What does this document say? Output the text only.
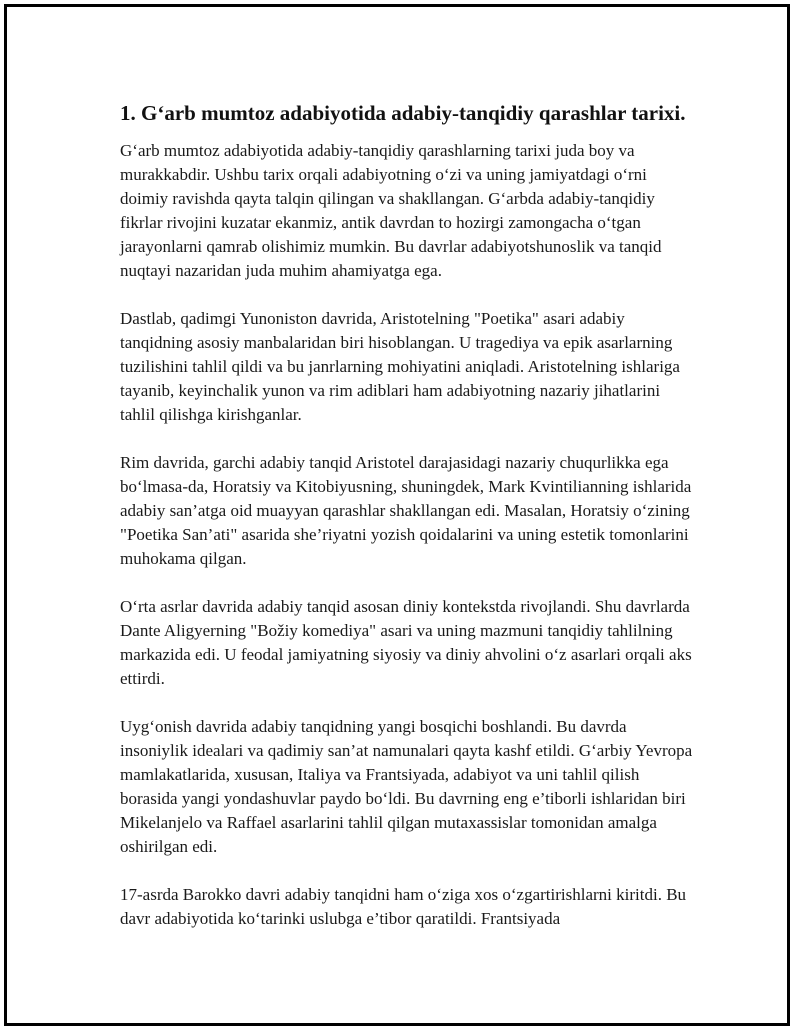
1. G‘arb mumtoz adabiyotida adabiy-tanqidiy qarashlar tarixi.

G‘arb mumtoz adabiyotida adabiy-tanqidiy qarashlarning tarixi juda boy va murakkabdir. Ushbu tarix orqali adabiyotning o‘zi va uning jamiyatdagi o‘rni doimiy ravishda qayta talqin qilingan va shakllangan. G‘arbda adabiy-tanqidiy fikrlar rivojini kuzatar ekanmiz, antik davrdan to hozirgi zamongacha o‘tgan jarayonlarni qamrab olishimiz mumkin. Bu davrlar adabiyotshunoslik va tanqid nuqtayi nazaridan juda muhim ahamiyatga ega.

Dastlab, qadimgi Yunoniston davrida, Aristotelning "Poetika" asari adabiy tanqidning asosiy manbalaridan biri hisoblangan. U tragediya va epik asarlarning tuzilishini tahlil qildi va bu janrlarning mohiyatini aniqladi. Aristotelning ishlariga tayanib, keyinchalik yunon va rim adiblari ham adabiyotning nazariy jihatlarini tahlil qilishga kirishganlar.

Rim davrida, garchi adabiy tanqid Aristotel darajasidagi nazariy chuqurlikka ega bo‘lmasa-da, Horatsiy va Kitobiyusning, shuningdek, Mark Kvintilianning ishlarida adabiy san’atga oid muayyan qarashlar shakllangan edi. Masalan, Horatsiy o‘zining "Poetika San’ati" asarida she’riyatni yozish qoidalarini va uning estetik tomonlarini muhokama qilgan.

O‘rta asrlar davrida adabiy tanqid asosan diniy kontekstda rivojlandi. Shu davrlarda Dante Aligyerning "Božiy komediya" asari va uning mazmuni tanqidiy tahlilning markazida edi. U feodal jamiyatning siyosiy va diniy ahvolini o‘z asarlari orqali aks ettirdi.

Uyg‘onish davrida adabiy tanqidning yangi bosqichi boshlandi. Bu davrda insoniylik idealari va qadimiy san’at namunalari qayta kashf etildi. G‘arbiy Yevropa mamlakatlarida, xususan, Italiya va Frantsiyada, adabiyot va uni tahlil qilish borasida yangi yondashuvlar paydo bo‘ldi. Bu davrning eng e’tiborli ishlaridan biri Mikelanjelo va Raffael asarlarini tahlil qilgan mutaxassislar tomonidan amalga oshirilgan edi.

17-asrda Barokko davri adabiy tanqidni ham o‘ziga xos o‘zgartirishlarni kiritdi. Bu davr adabiyotida ko‘tarinki uslubga e’tibor qaratildi. Frantsiyada
